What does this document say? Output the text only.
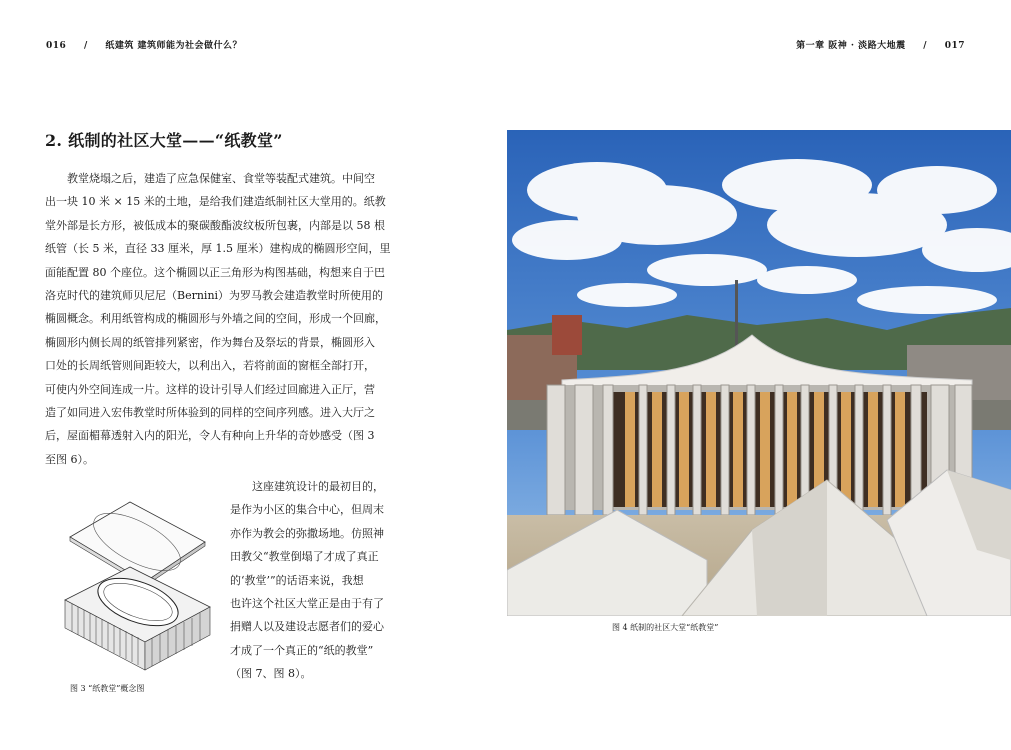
016 / 纸建筑 建筑师能为社会做什么？	第一章 阪神 · 淡路大地震 / 017
2. 纸制的社区大堂——“纸教堂”
教堂烧塌之后，建造了应急保健室、食堂等装配式建筑。中间空
出一块 10 米 × 15 米的土地，是给我们建造纸制社区大堂用的。纸教
堂外部是长方形，被低成本的聚碳酸酯波纹板所包裹，内部是以 58 根
纸管（长 5 米，直径 33 厘米，厚 1.5 厘米）建构成的椭圆形空间，里
面能配置 80 个座位。这个椭圆以正三角形为构图基础，构想来自于巴
洛克时代的建筑师贝尼尼（Bernini）为罗马教会建造教堂时所使用的
椭圆概念。利用纸管构成的椭圆形与外墙之间的空间，形成一个回廊，
椭圆形内侧长周的纸管排列紧密，作为舞台及祭坛的背景，椭圆形入
口处的长周纸管则间距较大，以利出入，若将前面的窗框全部打开，
可使内外空间连成一片。这样的设计引导人们经过回廊进入正厅，营
造了如同进入宏伟教堂时所体验到的同样的空间序列感。进入大厅之
后，屋面楣幕透射入内的阳光，令人有种向上升华的奇妙感受（图 3
至图 6）。
图 3 “纸教堂”概念图
这座建筑设计的最初目的，
是作为小区的集合中心，但周末
亦作为教会的弥撒场地。仿照神
田教父“教堂倒塌了才成了真正
的‘教堂’”的话语来说，我想
也许这个社区大堂正是由于有了
捐赠人以及建设志愿者们的爱心
才成了一个真正的“纸的教堂”
（图 7、图 8）。
图 4 纸制的社区大堂“纸教堂”
